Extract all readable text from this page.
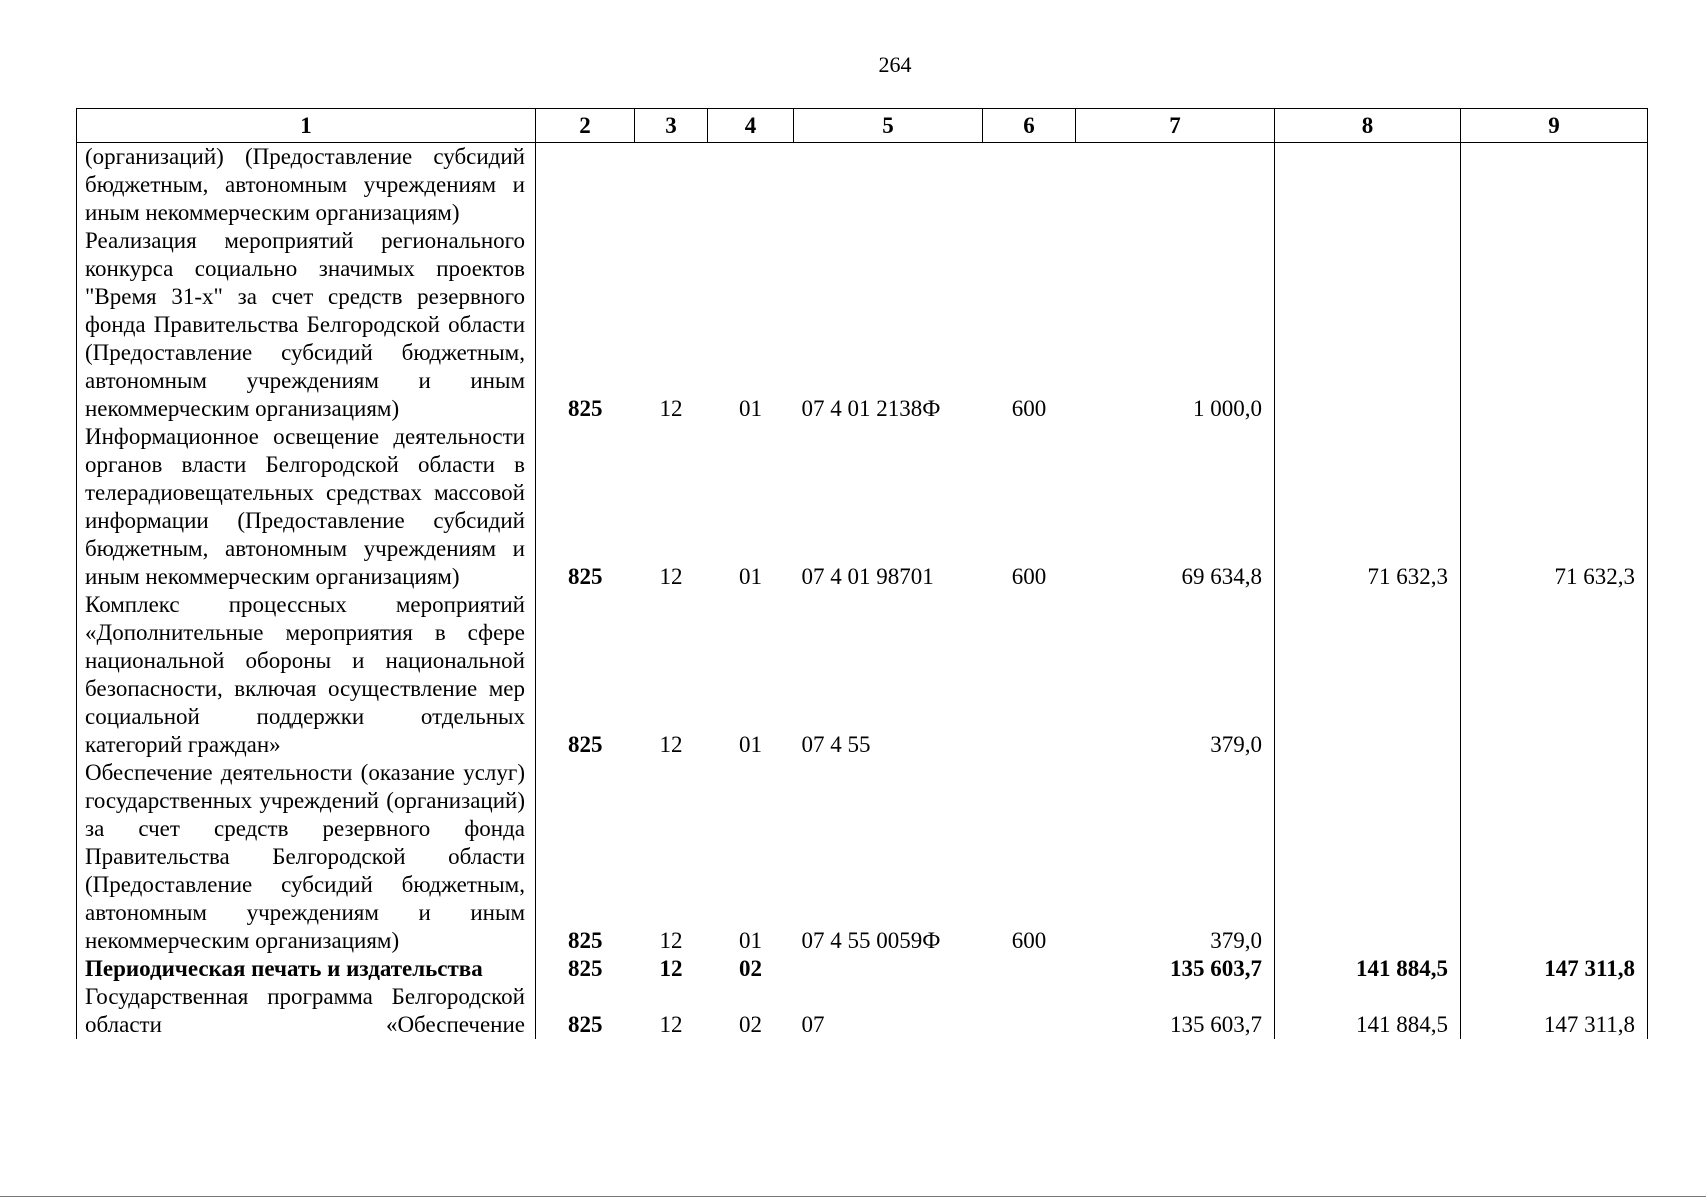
264
1	2	3	4	5	6	7	8	9
(организаций) (Предоставление субсидий бюджетным, автономным учреждениям и иным некоммерческим организациям)								
Реализация мероприятий регионального конкурса социально значимых проектов "Время 31-х" за счет средств резервного фонда Правительства Белгородской области (Предоставление субсидий бюджетным, автономным учреждениям и иным некоммерческим организациям)	825	12	01	07 4 01 2138Ф	600	1 000,0		
Информационное освещение деятельности органов власти Белгородской области в телерадиовещательных средствах массовой информации (Предоставление субсидий бюджетным, автономным учреждениям и иным некоммерческим организациям)	825	12	01	07 4 01 98701	600	69 634,8	71 632,3	71 632,3
Комплекс процессных мероприятий «Дополнительные мероприятия в сфере национальной обороны и национальной безопасности, включая осуществление мер социальной поддержки отдельных категорий граждан»	825	12	01	07 4 55		379,0		
Обеспечение деятельности (оказание услуг) государственных учреждений (организаций) за счет средств резервного фонда Правительства Белгородской области (Предоставление субсидий бюджетным, автономным учреждениям и иным некоммерческим организациям)	825	12	01	07 4 55 0059Ф	600	379,0		
Периодическая печать и издательства	825	12	02			135 603,7	141 884,5	147 311,8
Государственная программа Белгородской области «Обеспечение	825	12	02	07		135 603,7	141 884,5	147 311,8
